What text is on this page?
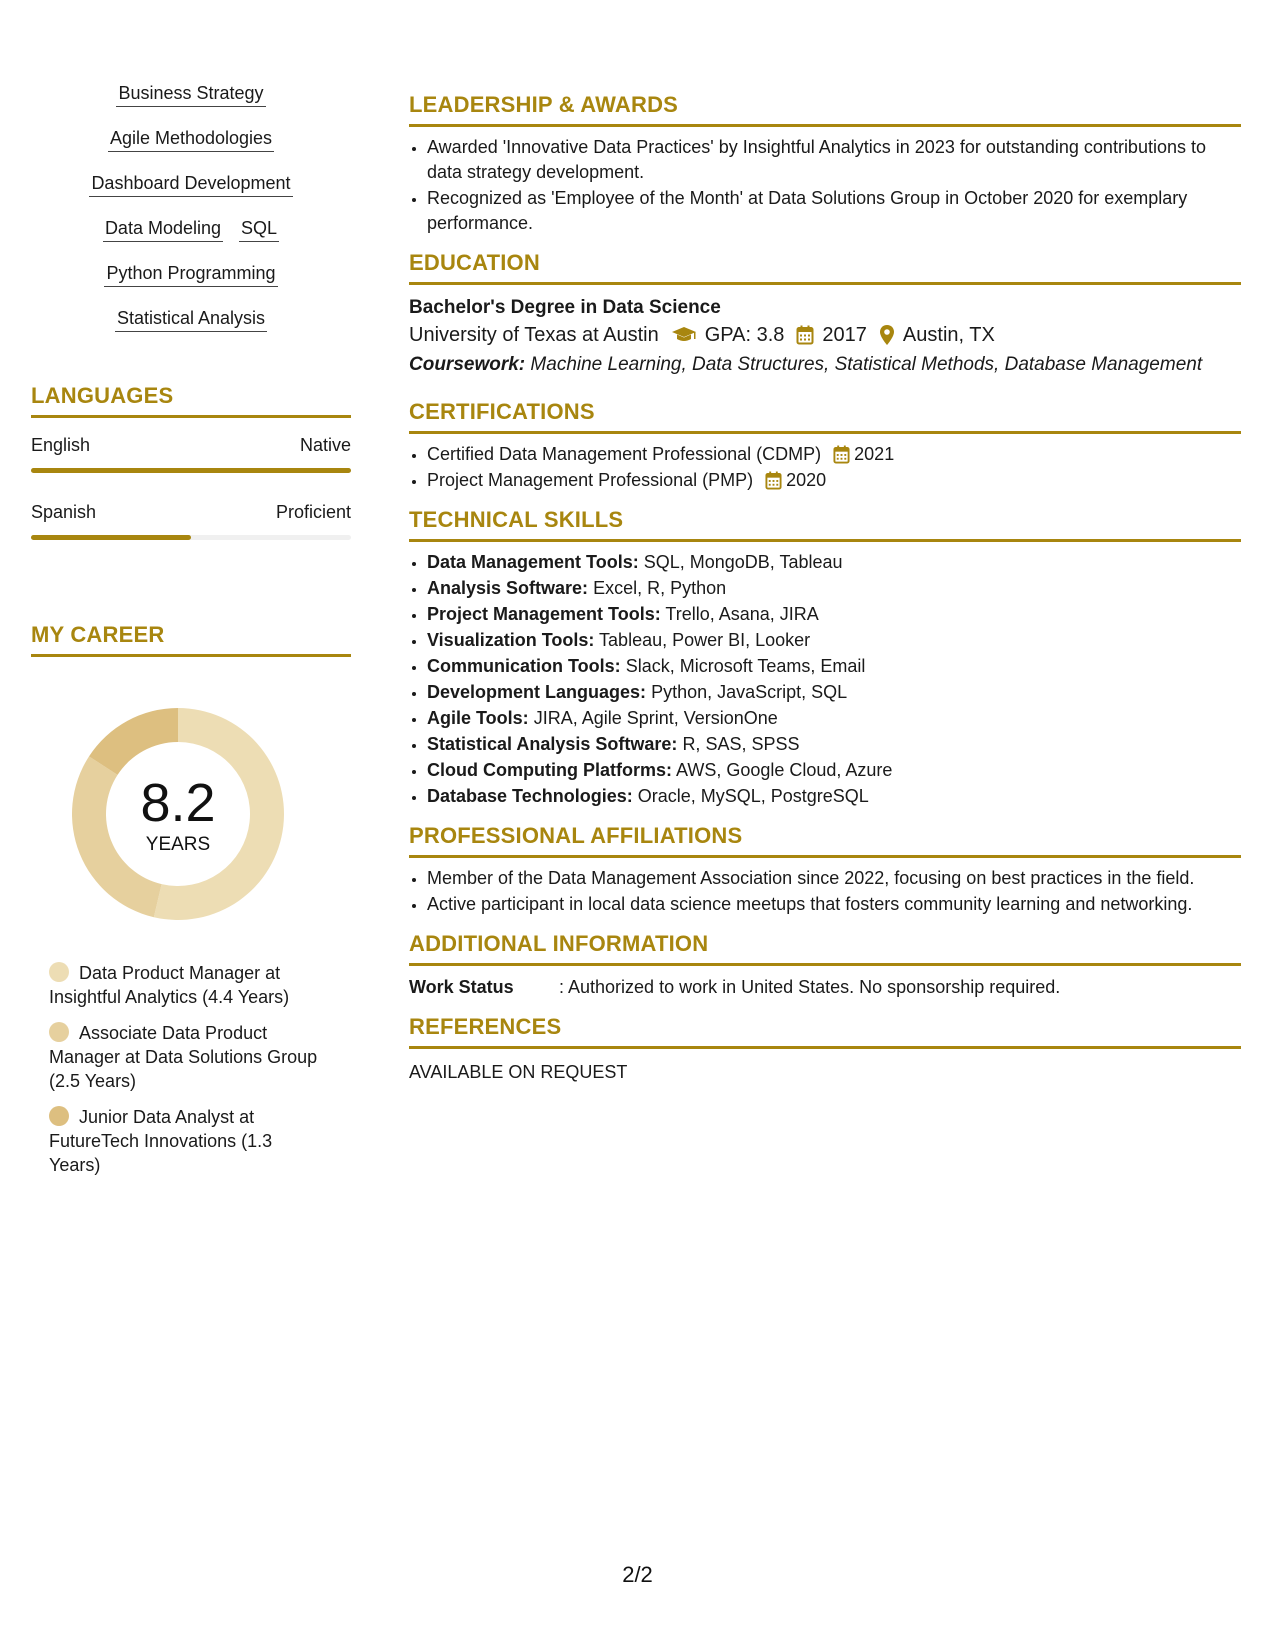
Business Strategy
Agile Methodologies
Dashboard Development
Data Modeling SQL
Python Programming
Statistical Analysis
LANGUAGES
English	Native
Spanish	Proficient
MY CAREER
8.2
YEARS
Data Product Manager at Insightful Analytics (4.4 Years)
Associate Data Product Manager at Data Solutions Group (2.5 Years)
Junior Data Analyst at FutureTech Innovations (1.3 Years)
LEADERSHIP & AWARDS
• Awarded 'Innovative Data Practices' by Insightful Analytics in 2023 for outstanding contributions to data strategy development.
• Recognized as 'Employee of the Month' at Data Solutions Group in October 2020 for exemplary performance.
EDUCATION
Bachelor's Degree in Data Science
University of Texas at Austin GPA: 3.8 2017 Austin, TX
Coursework: Machine Learning, Data Structures, Statistical Methods, Database Management
CERTIFICATIONS
• Certified Data Management Professional (CDMP) 2021
• Project Management Professional (PMP) 2020
TECHNICAL SKILLS
• Data Management Tools: SQL, MongoDB, Tableau
• Analysis Software: Excel, R, Python
• Project Management Tools: Trello, Asana, JIRA
• Visualization Tools: Tableau, Power BI, Looker
• Communication Tools: Slack, Microsoft Teams, Email
• Development Languages: Python, JavaScript, SQL
• Agile Tools: JIRA, Agile Sprint, VersionOne
• Statistical Analysis Software: R, SAS, SPSS
• Cloud Computing Platforms: AWS, Google Cloud, Azure
• Database Technologies: Oracle, MySQL, PostgreSQL
PROFESSIONAL AFFILIATIONS
• Member of the Data Management Association since 2022, focusing on best practices in the field.
• Active participant in local data science meetups that fosters community learning and networking.
ADDITIONAL INFORMATION
Work Status	: Authorized to work in United States. No sponsorship required.
REFERENCES
AVAILABLE ON REQUEST
2/2
